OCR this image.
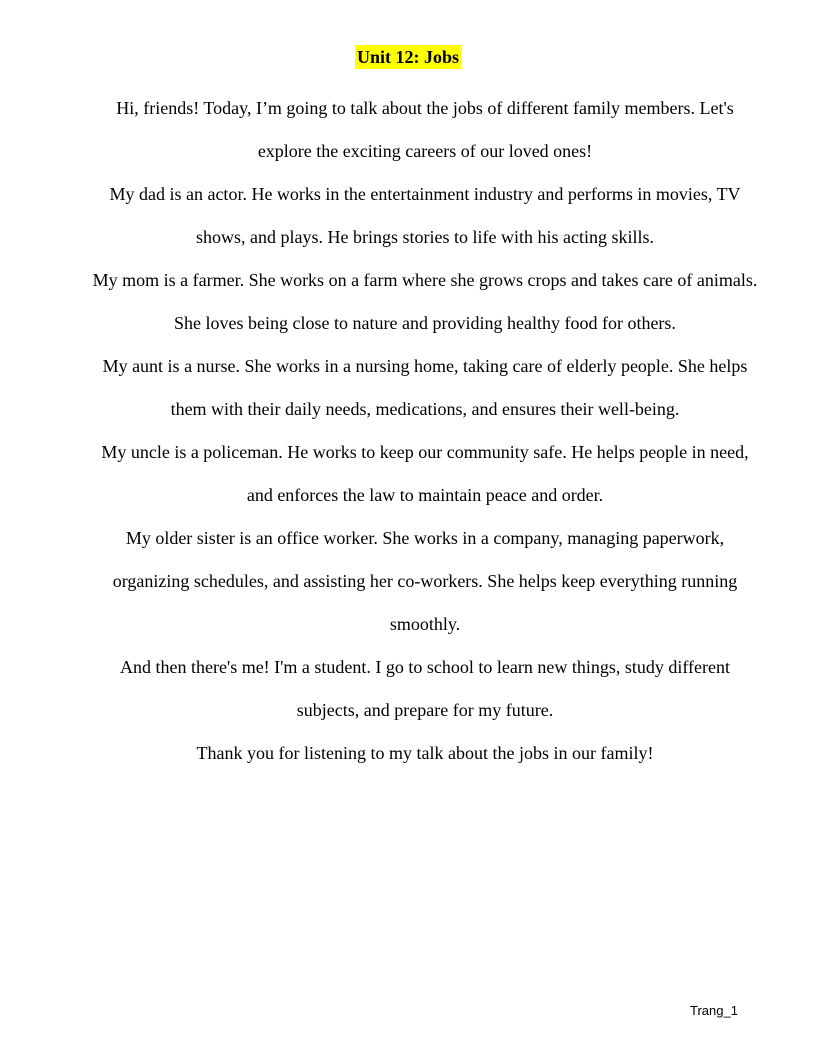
Unit 12: Jobs

Hi, friends! Today, I’m going to talk about the jobs of different family members. Let's explore the exciting careers of our loved ones!

My dad is an actor. He works in the entertainment industry and performs in movies, TV shows, and plays. He brings stories to life with his acting skills.

My mom is a farmer. She works on a farm where she grows crops and takes care of animals. She loves being close to nature and providing healthy food for others.

My aunt is a nurse. She works in a nursing home, taking care of elderly people. She helps them with their daily needs, medications, and ensures their well-being.

My uncle is a policeman. He works to keep our community safe. He helps people in need, and enforces the law to maintain peace and order.

My older sister is an office worker. She works in a company, managing paperwork, organizing schedules, and assisting her co-workers. She helps keep everything running smoothly.

And then there's me! I'm a student. I go to school to learn new things, study different subjects, and prepare for my future.

Thank you for listening to my talk about the jobs in our family!

Trang_1
